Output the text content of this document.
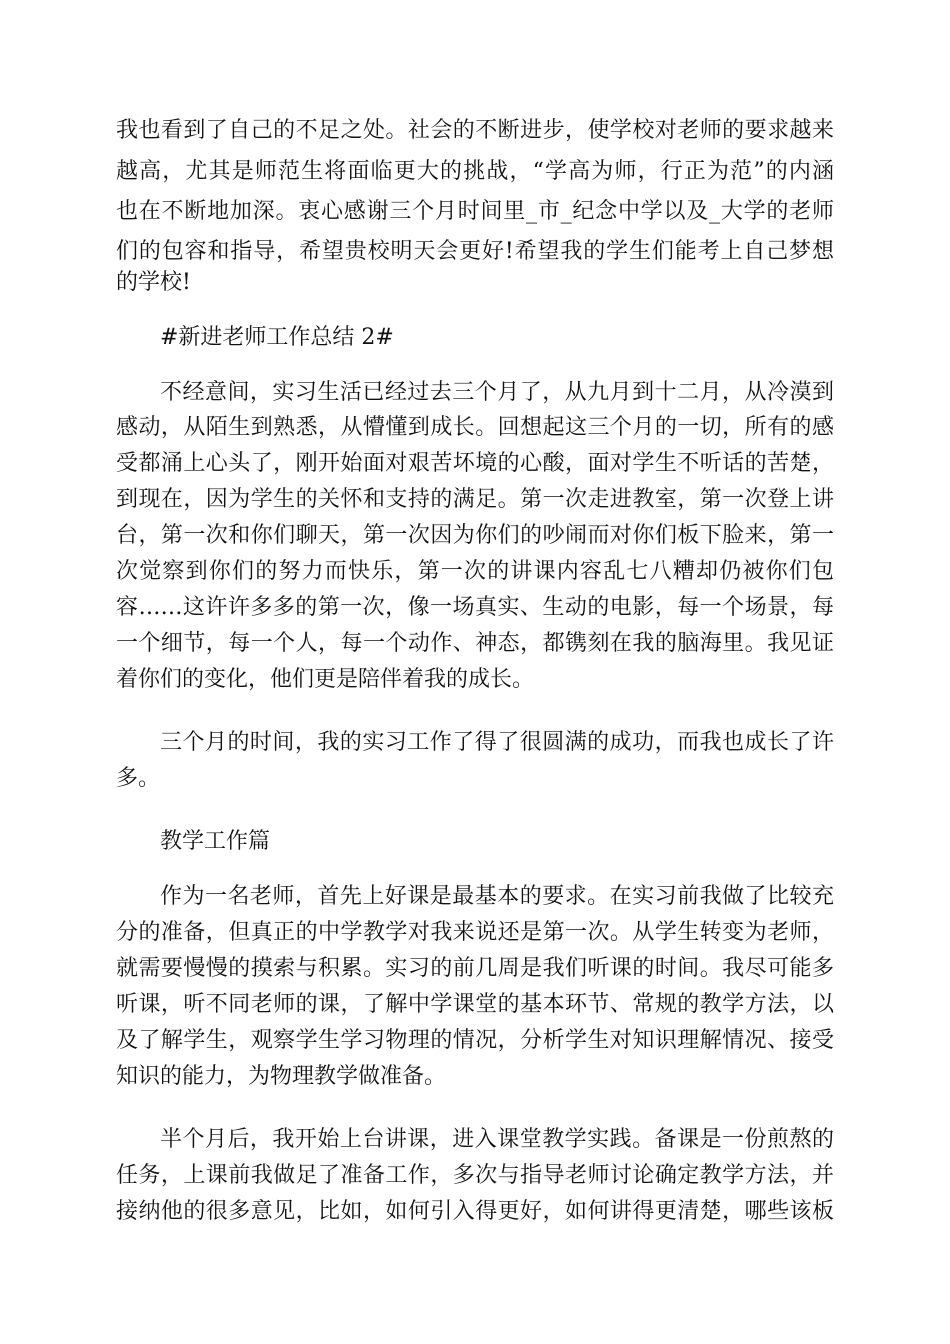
我也看到了自己的不足之处。社会的不断进步，使学校对老师的要求越来
越高，尤其是师范生将面临更大的挑战，“学高为师，行正为范”的内涵
也在不断地加深。衷心感谢三个月时间里_市_纪念中学以及_大学的老师
们的包容和指导，希望贵校明天会更好!希望我的学生们能考上自己梦想
的学校!
#新进老师工作总结 2#
不经意间，实习生活已经过去三个月了，从九月到十二月，从冷漠到
感动，从陌生到熟悉，从懵懂到成长。回想起这三个月的一切，所有的感
受都涌上心头了，刚开始面对艰苦坏境的心酸，面对学生不听话的苦楚，
到现在，因为学生的关怀和支持的满足。第一次走进教室，第一次登上讲
台，第一次和你们聊天，第一次因为你们的吵闹而对你们板下脸来，第一
次觉察到你们的努力而快乐，第一次的讲课内容乱七八糟却仍被你们包
容……这许许多多的第一次，像一场真实、生动的电影，每一个场景，每
一个细节，每一个人，每一个动作、神态，都镌刻在我的脑海里。我见证
着你们的变化，他们更是陪伴着我的成长。
三个月的时间，我的实习工作了得了很圆满的成功，而我也成长了许
多。
教学工作篇
作为一名老师，首先上好课是最基本的要求。在实习前我做了比较充
分的准备，但真正的中学教学对我来说还是第一次。从学生转变为老师，
就需要慢慢的摸索与积累。实习的前几周是我们听课的时间。我尽可能多
听课，听不同老师的课，了解中学课堂的基本环节、常规的教学方法，以
及了解学生，观察学生学习物理的情况，分析学生对知识理解情况、接受
知识的能力，为物理教学做准备。
半个月后，我开始上台讲课，进入课堂教学实践。备课是一份煎熬的
任务，上课前我做足了准备工作，多次与指导老师讨论确定教学方法，并
接纳他的很多意见，比如，如何引入得更好，如何讲得更清楚，哪些该板
